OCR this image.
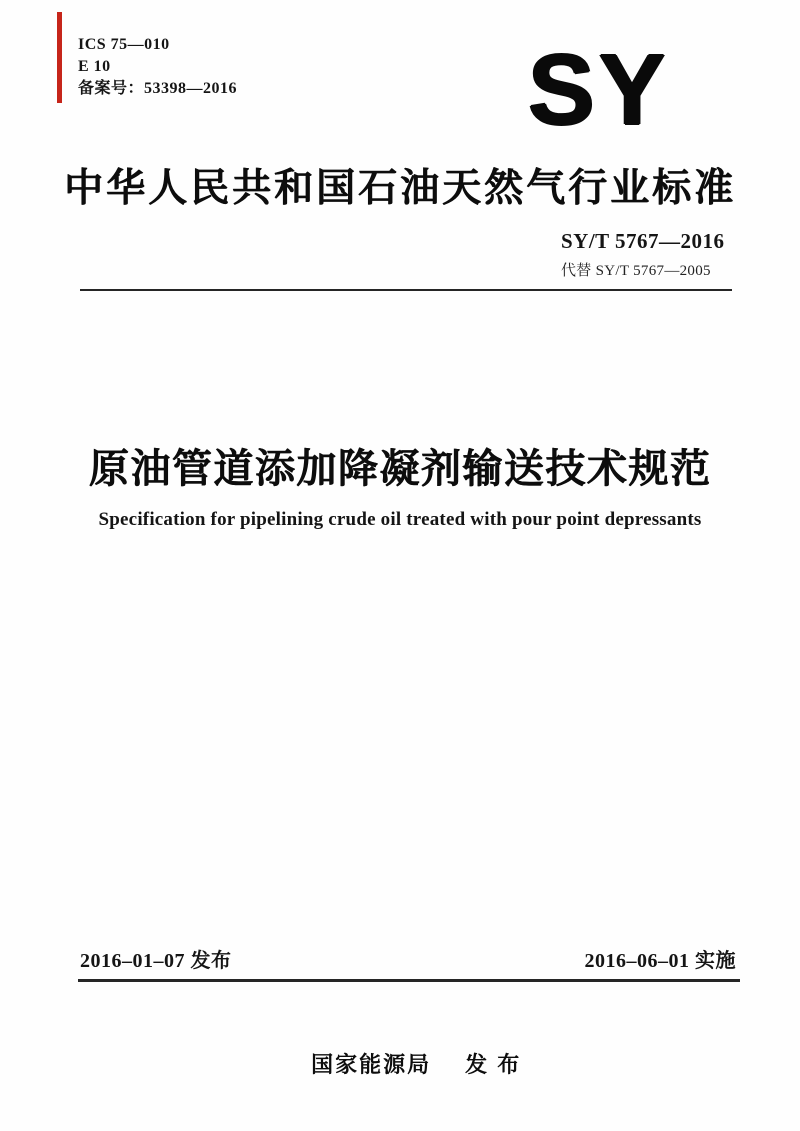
ICS 75—010
E 10
备案号：53398—2016	SY
中华人民共和国石油天然气行业标准
SY/T 5767—2016
代替 SY/T 5767—2005
原油管道添加降凝剂输送技术规范
Specification for pipelining crude oil treated with pour point depressants
2016–01–07 发布	2016–06–01 实施

国家能源局 发 布
